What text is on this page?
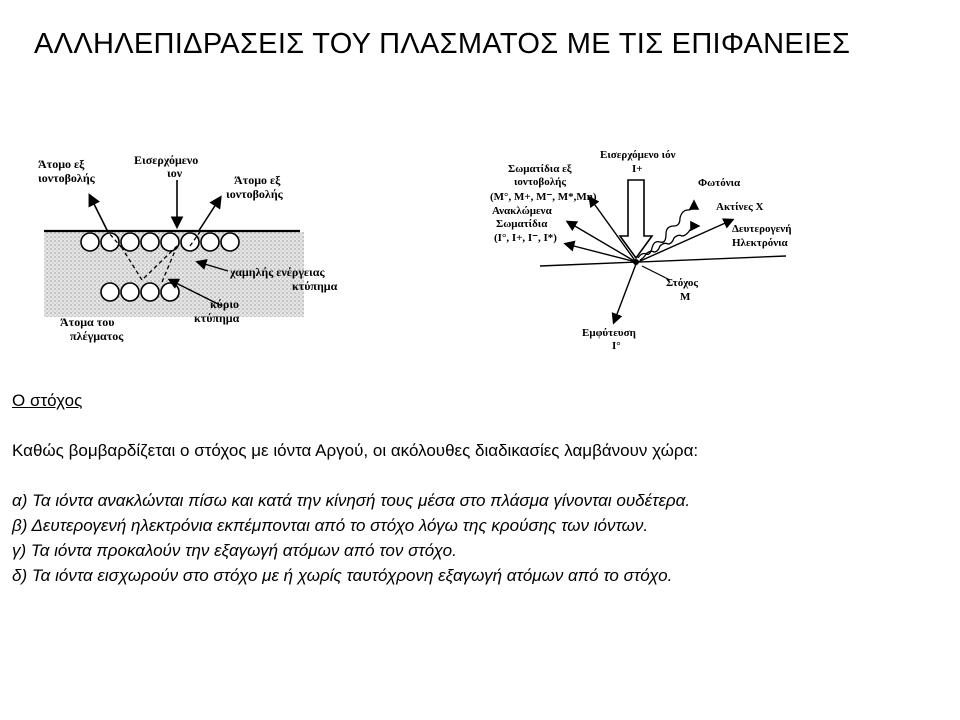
ΑΛΛΗΛΕΠΙΔΡΑΣΕΙΣ ΤΟΥ ΠΛΑΣΜΑΤΟΣ ΜΕ ΤΙΣ ΕΠΙΦΑΝΕΙΕΣ
Άτομο εξ
ιοντοβολής
Εισερχόμενο
ιον	Άτομο εξ
ιοντοβολής
χαμηλής ενέργειας
κτύπημα
κύριο
κτύπημα
Άτομα του
πλέγματος
Εισερχόμενο ιόν
I+
Σωματίδια εξ
ιοντοβολής
(M°, M+, M⁻, M*,Mn)
Ανακλώμενα
Σωματίδια
(I°, I+, I⁻, I*)
Φωτόνια
Ακτίνες Χ
Δευτερογενή
Ηλεκτρόνια
Στόχος
M
Εμφύτευση
I°

Ο στόχος

Καθώς βομβαρδίζεται ο στόχος με ιόντα Αργού, οι ακόλουθες διαδικασίες λαμβάνουν χώρα:

α) Τα ιόντα ανακλώνται πίσω και κατά την κίνησή τους μέσα στο πλάσμα γίνονται ουδέτερα.

β) Δευτερογενή ηλεκτρόνια εκπέμπονται από το στόχο λόγω της κρούσης των ιόντων.

γ) Τα ιόντα προκαλούν την εξαγωγή ατόμων από τον στόχο.

δ) Τα ιόντα εισχωρούν στο στόχο με ή χωρίς ταυτόχρονη εξαγωγή ατόμων από το στόχο.
